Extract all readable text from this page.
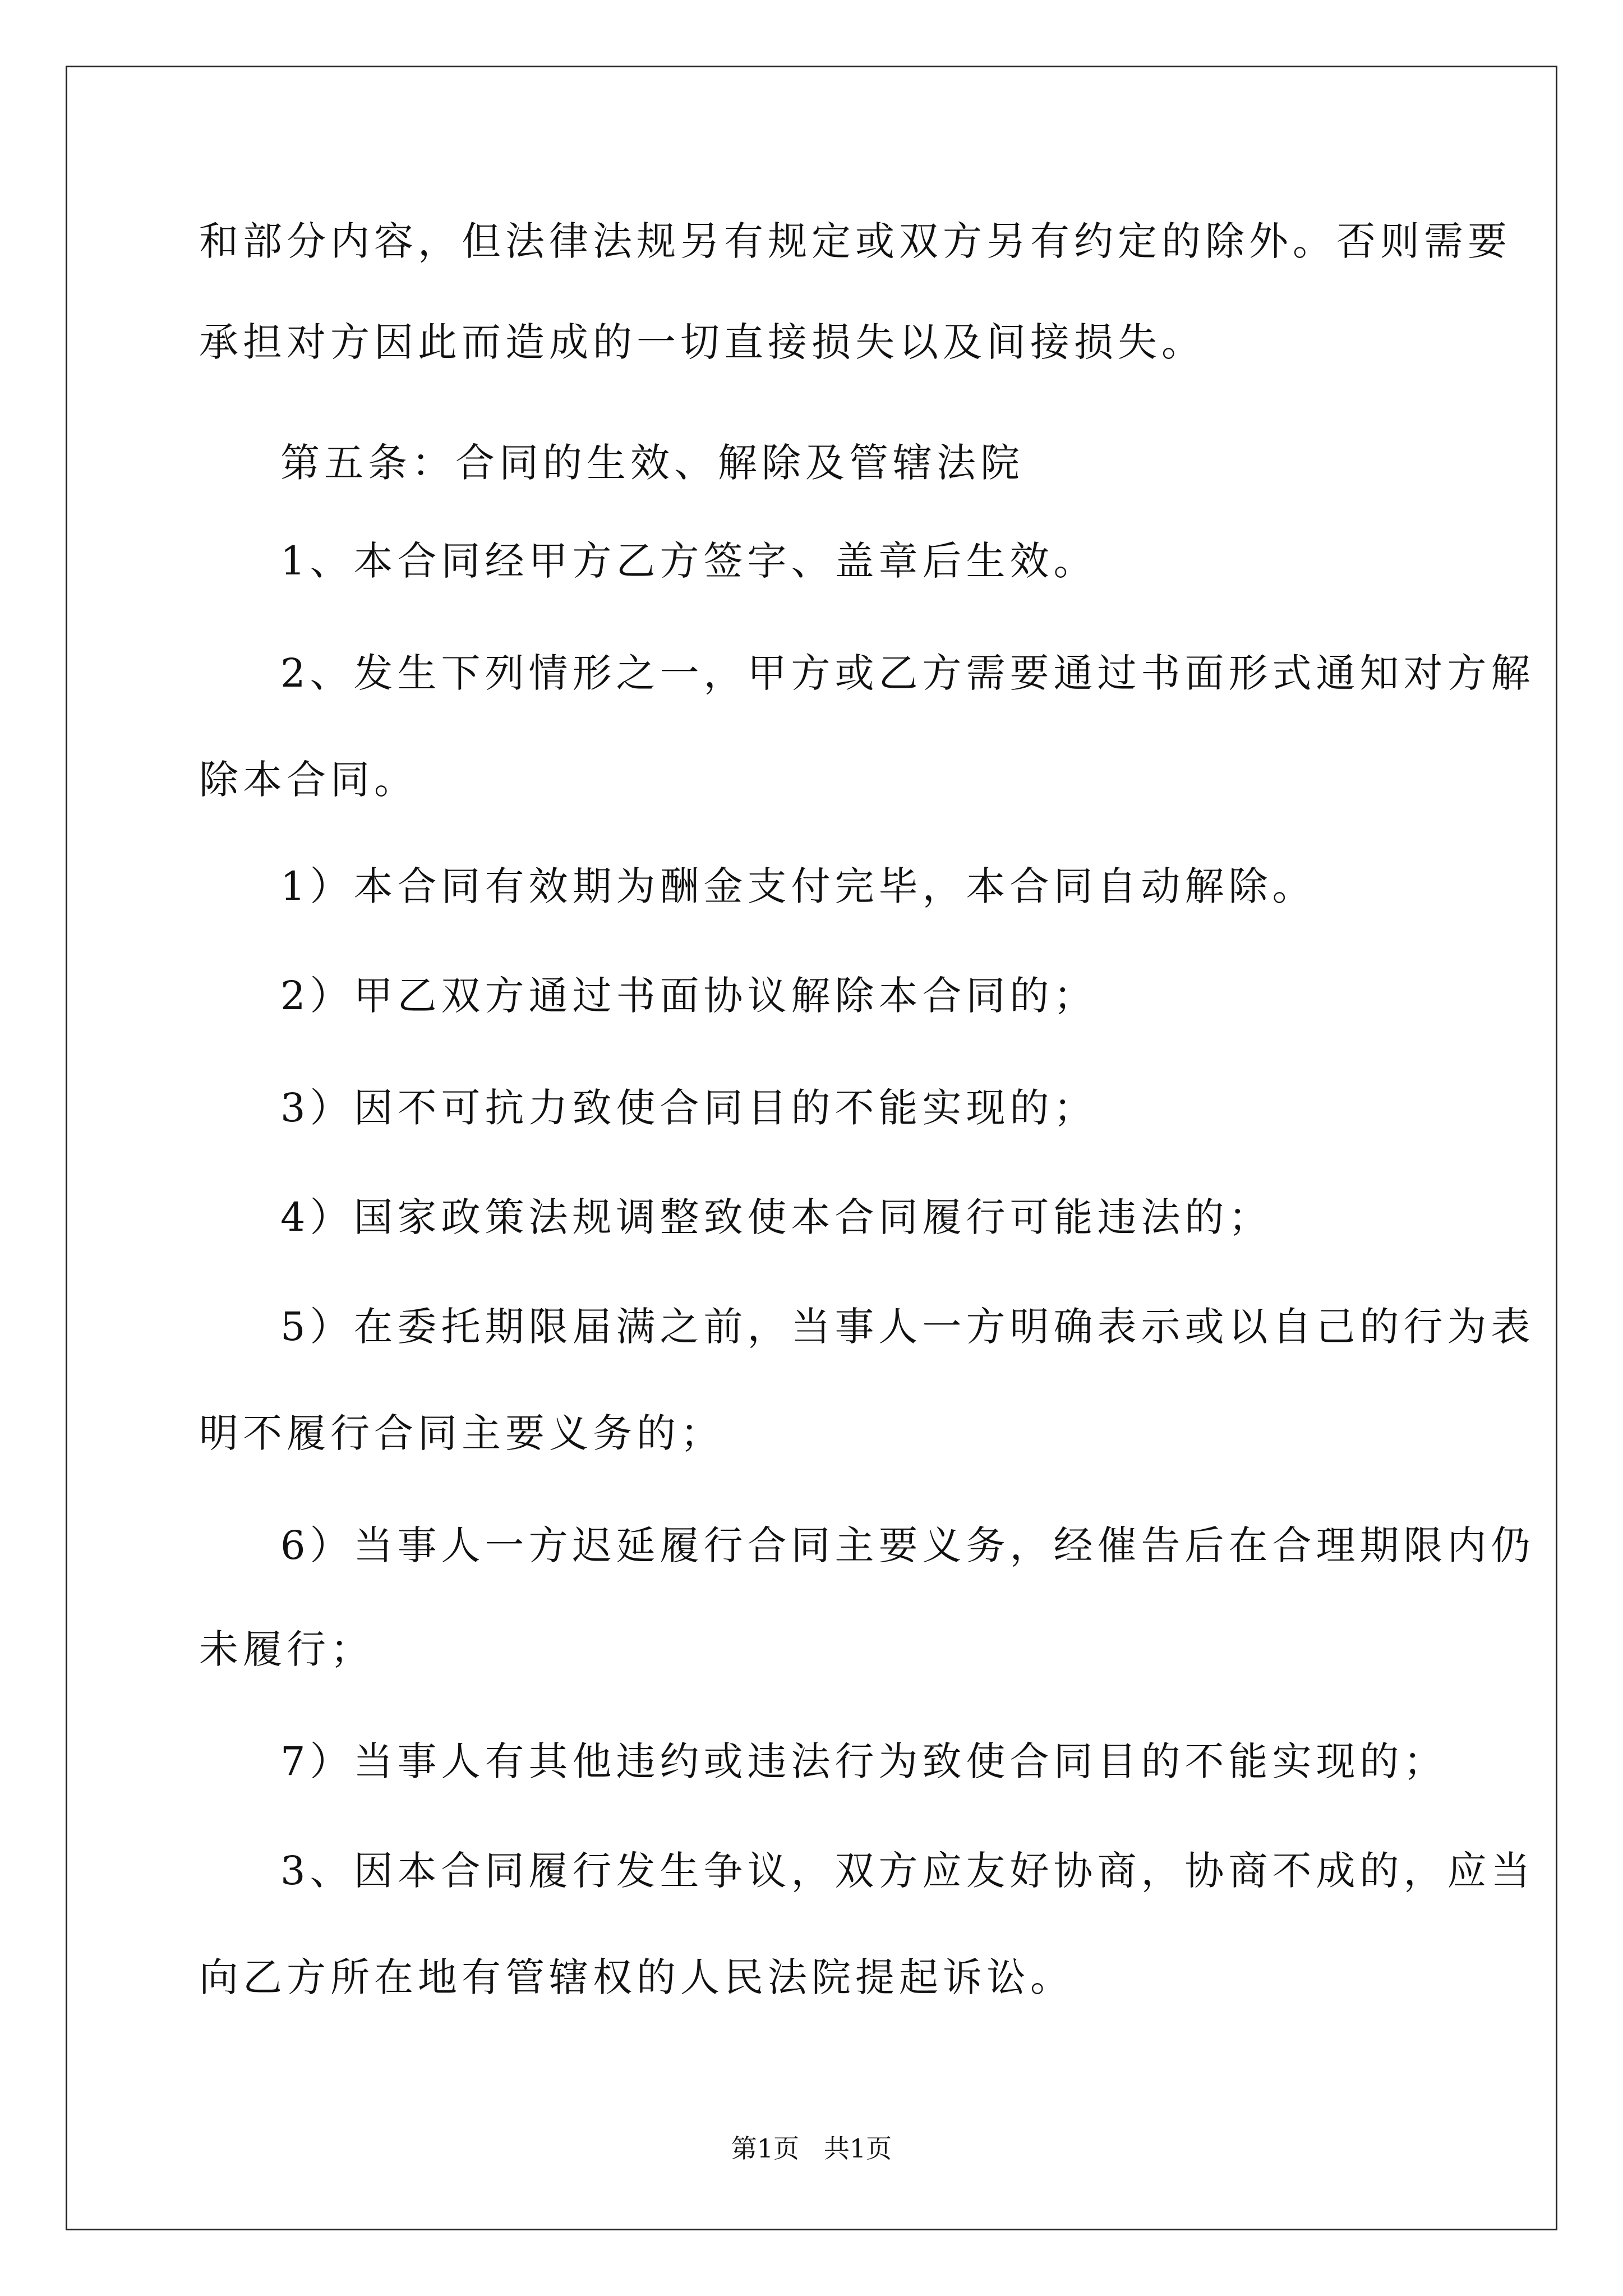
和部分内容，但法律法规另有规定或双方另有约定的除外。否则需要
承担对方因此而造成的一切直接损失以及间接损失。
第五条：合同的生效、解除及管辖法院
1、本合同经甲方乙方签字、盖章后生效。
2、发生下列情形之一，甲方或乙方需要通过书面形式通知对方解
除本合同。
1）本合同有效期为酬金支付完毕，本合同自动解除。
2）甲乙双方通过书面协议解除本合同的；
3）因不可抗力致使合同目的不能实现的；
4）国家政策法规调整致使本合同履行可能违法的；
5）在委托期限届满之前，当事人一方明确表示或以自己的行为表
明不履行合同主要义务的；
6）当事人一方迟延履行合同主要义务，经催告后在合理期限内仍
未履行；
7）当事人有其他违约或违法行为致使合同目的不能实现的；
3、因本合同履行发生争议，双方应友好协商，协商不成的，应当
向乙方所在地有管辖权的人民法院提起诉讼。
第1页   共1页
